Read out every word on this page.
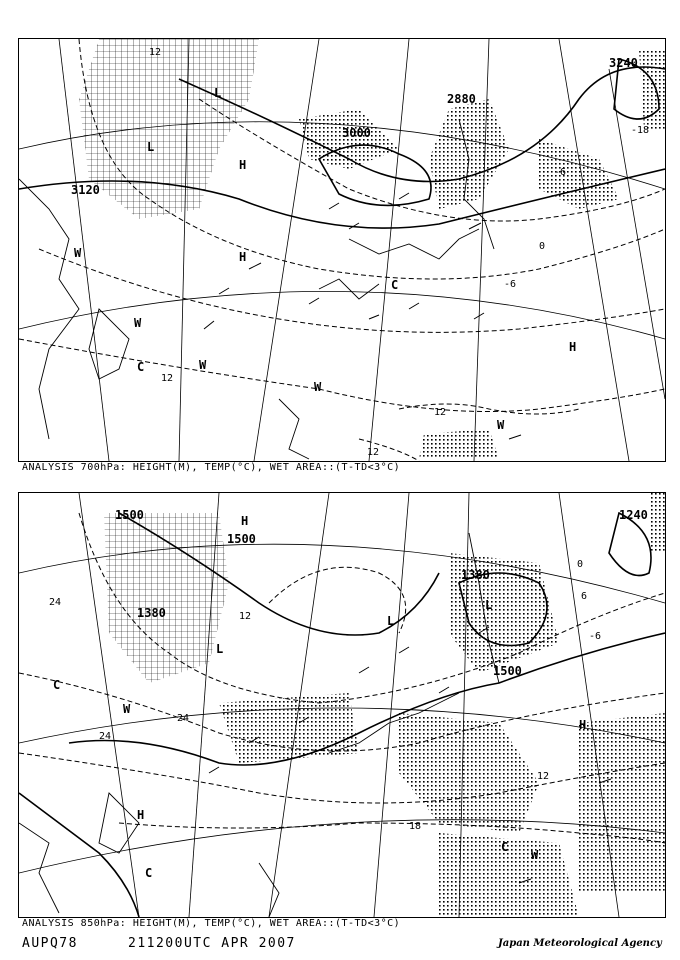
3120
3000
2880
3240
12
-18
-6
0
-6
12
12
12
L
L
H
W
W
C	W
H
W
H
C
W
ANALYSIS 700hPa: HEIGHT(M), TEMP(°C), WET AREA::(T-TD<3°C)
1500
1500
1380
1380
1500
1240
24
24
24
12
-6
6
12
18
0
L
L
H
C
W
H
C
W
C
H
L
ANALYSIS 850hPa: HEIGHT(M), TEMP(°C), WET AREA::(T-TD<3°C)
AUPQ78	211200UTC APR 2007	Japan Meteorological Agency
